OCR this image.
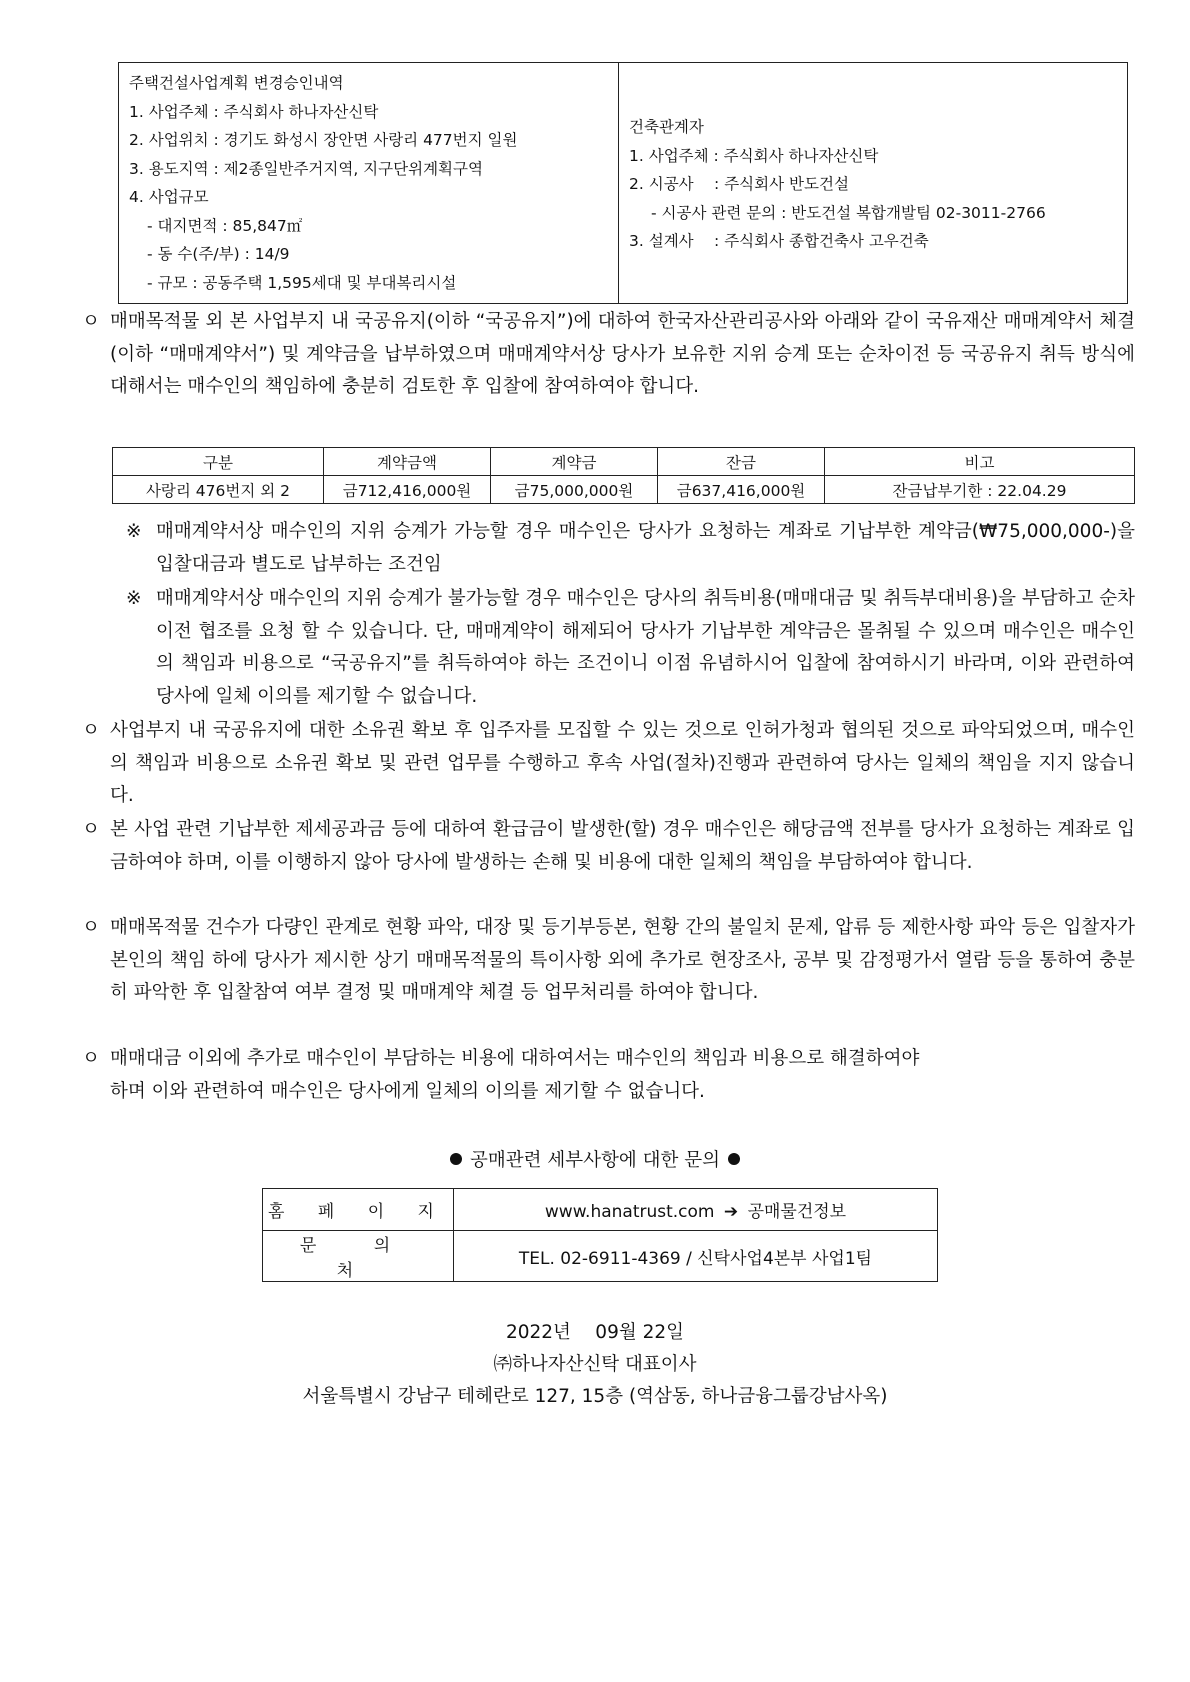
주택건설사업계획 변경승인내역
1. 사업주체 : 주식회사 하나자산신탁
2. 사업위치 : 경기도 화성시 장안면 사랑리 477번지 일원
3. 용도지역 : 제2종일반주거지역, 지구단위계획구역
4. 사업규모
- 대지면적 : 85,847㎡
- 동 수(주/부) : 14/9
- 규모 : 공동주택 1,595세대 및 부대복리시설
건축관계자
1. 사업주체 : 주식회사 하나자산신탁
2. 시공사 　: 주식회사 반도건설
- 시공사 관련 문의 : 반도건설 복합개발팀 02-3011-2766
3. 설계사 　: 주식회사 종합건축사 고우건축
ㅇ 매매목적물 외 본 사업부지 내 국공유지(이하 “국공유지”)에 대하여 한국자산관리공사와 아래와 같이 국유재산 매매계약서 체결(이하 “매매계약서”) 및 계약금을 납부하였으며 매매계약서상 당사가 보유한 지위 승계 또는 순차이전 등 국공유지 취득 방식에 대해서는 매수인의 책임하에 충분히 검토한 후 입찰에 참여하여야 합니다.
구분	계약금액	계약금	잔금	비고
사랑리 476번지 외 2	금712,416,000원	금75,000,000원	금637,416,000원	잔금납부기한 : 22.04.29
※ 매매계약서상 매수인의 지위 승계가 가능할 경우 매수인은 당사가 요청하는 계좌로 기납부한 계약금(₩75,000,000-)을 입찰대금과 별도로 납부하는 조건임
※ 매매계약서상 매수인의 지위 승계가 불가능할 경우 매수인은 당사의 취득비용(매매대금 및 취득부대비용)을 부담하고 순차이전 협조를 요청 할 수 있습니다. 단, 매매계약이 해제되어 당사가 기납부한 계약금은 몰취될 수 있으며 매수인은 매수인의 책임과 비용으로 “국공유지”를 취득하여야 하는 조건이니 이점 유념하시어 입찰에 참여하시기 바라며, 이와 관련하여 당사에 일체 이의를 제기할 수 없습니다.
ㅇ 사업부지 내 국공유지에 대한 소유권 확보 후 입주자를 모집할 수 있는 것으로 인허가청과 협의된 것으로 파악되었으며, 매수인의 책임과 비용으로 소유권 확보 및 관련 업무를 수행하고 후속 사업(절차)진행과 관련하여 당사는 일체의 책임을 지지 않습니다.
ㅇ 본 사업 관련 기납부한 제세공과금 등에 대하여 환급금이 발생한(할) 경우 매수인은 해당금액 전부를 당사가 요청하는 계좌로 입금하여야 하며, 이를 이행하지 않아 당사에 발생하는 손해 및 비용에 대한 일체의 책임을 부담하여야 합니다.
ㅇ 매매목적물 건수가 다량인 관계로 현황 파악, 대장 및 등기부등본, 현황 간의 불일치 문제, 압류 등 제한사항 파악 등은 입찰자가 본인의 책임 하에 당사가 제시한 상기 매매목적물의 특이사항 외에 추가로 현장조사, 공부 및 감정평가서 열람 등을 통하여 충분히 파악한 후 입찰참여 여부 결정 및 매매계약 체결 등 업무처리를 하여야 합니다.
ㅇ 매매대금 이외에 추가로 매수인이 부담하는 비용에 대하여서는 매수인의 책임과 비용으로 해결하여야
하며 이와 관련하여 매수인은 당사에게 일체의 이의를 제기할 수 없습니다.
공매관련 세부사항에 대한 문의
홈 페 이 지	www.hanatrust.com ➔ 공매물건정보
문 의 처	TEL. 02-6911-4369 / 신탁사업4본부 사업1팀
2022년 　09월 22일
㈜하나자산신탁 대표이사
서울특별시 강남구 테헤란로 127, 15층 (역삼동, 하나금융그룹강남사옥)
